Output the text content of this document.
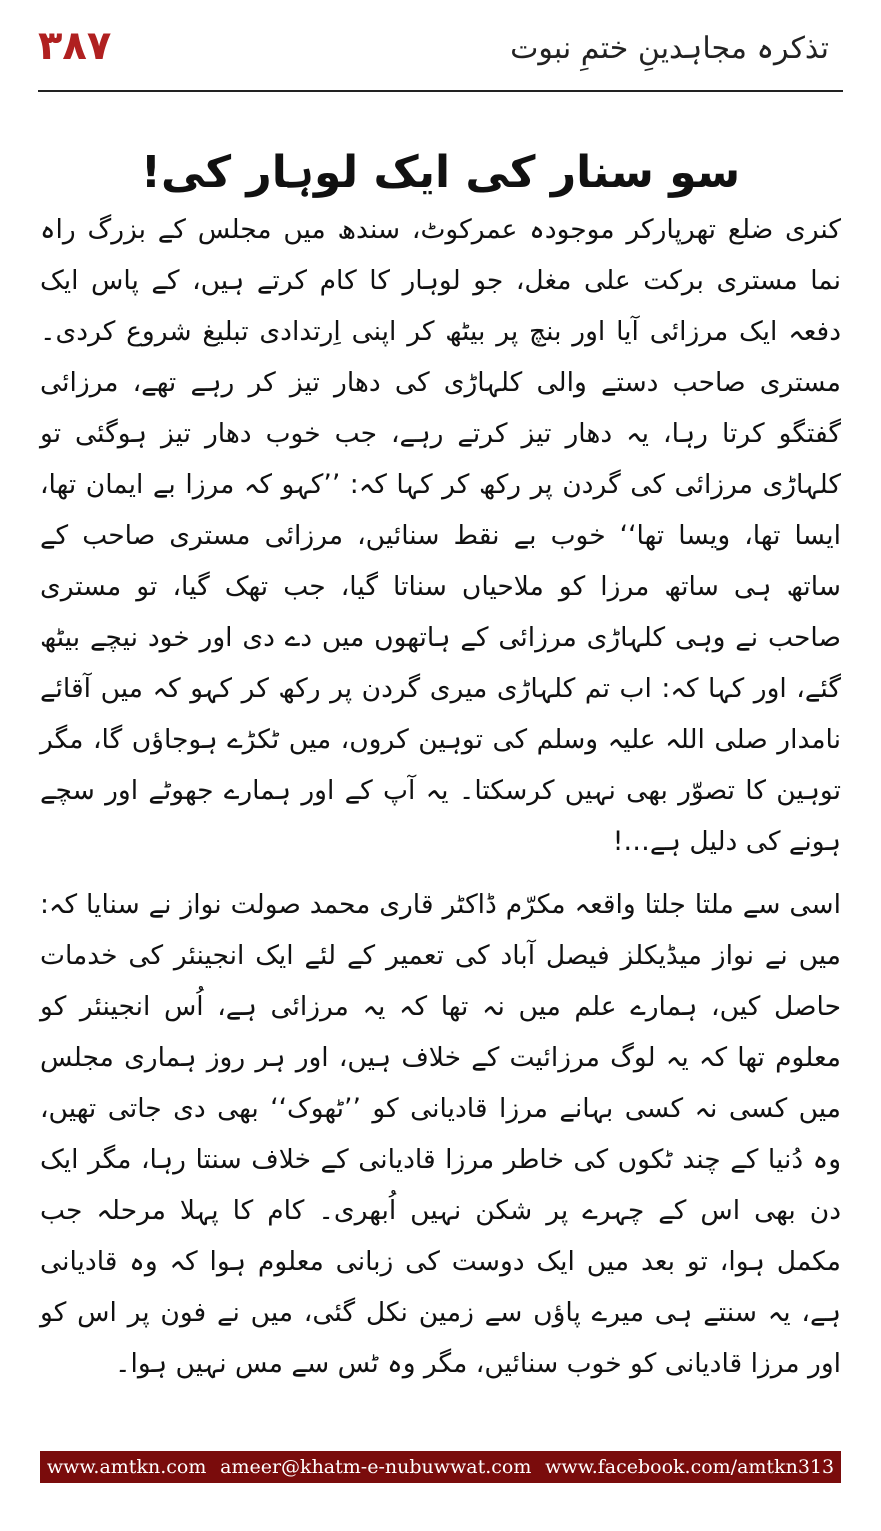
۳۸۷	تذکرہ مجاہدینِ ختمِ نبوت
سو سنار کی ایک لوہار کی!

کنری ضلع تھرپارکر موجودہ عمرکوٹ، سندھ میں مجلس کے بزرگ راہ نما مستری برکت علی مغل، جو لوہار کا کام کرتے ہیں، کے پاس ایک دفعہ ایک مرزائی آیا اور بنچ پر بیٹھ کر اپنی اِرتدادی تبلیغ شروع کردی۔ مستری صاحب دستے والی کلہاڑی کی دھار تیز کر رہے تھے، مرزائی گفتگو کرتا رہا، یہ دھار تیز کرتے رہے، جب خوب دھار تیز ہوگئی تو کلہاڑی مرزائی کی گردن پر رکھ کر کہا کہ: ’’کہو کہ مرزا بے ایمان تھا، ایسا تھا، ویسا تھا‘‘ خوب بے نقط سنائیں، مرزائی مستری صاحب کے ساتھ ہی ساتھ مرزا کو ملاحیاں سناتا گیا، جب تھک گیا، تو مستری صاحب نے وہی کلہاڑی مرزائی کے ہاتھوں میں دے دی اور خود نیچے بیٹھ گئے، اور کہا کہ: اب تم کلہاڑی میری گردن پر رکھ کر کہو کہ میں آقائے نامدار صلی اللہ علیہ وسلم کی توہین کروں، میں ٹکڑے ہوجاؤں گا، مگر توہین کا تصوّر بھی نہیں کرسکتا۔ یہ آپ کے اور ہمارے جھوٹے اور سچے ہونے کی دلیل ہے…!

اسی سے ملتا جلتا واقعہ مکرّم ڈاکٹر قاری محمد صولت نواز نے سنایا کہ: میں نے نواز میڈیکلز فیصل آباد کی تعمیر کے لئے ایک انجینئر کی خدمات حاصل کیں، ہمارے علم میں نہ تھا کہ یہ مرزائی ہے، اُس انجینئر کو معلوم تھا کہ یہ لوگ مرزائیت کے خلاف ہیں، اور ہر روز ہماری مجلس میں کسی نہ کسی بہانے مرزا قادیانی کو ’’ٹھوک‘‘ بھی دی جاتی تھیں، وہ دُنیا کے چند ٹکوں کی خاطر مرزا قادیانی کے خلاف سنتا رہا، مگر ایک دن بھی اس کے چہرے پر شکن نہیں اُبھری۔ کام کا پہلا مرحلہ جب مکمل ہوا، تو بعد میں ایک دوست کی زبانی معلوم ہوا کہ وہ قادیانی ہے، یہ سنتے ہی میرے پاؤں سے زمین نکل گئی، میں نے فون پر اس کو اور مرزا قادیانی کو خوب سنائیں، مگر وہ ٹس سے مس نہیں ہوا۔

www.amtkn.com ameer@khatm-e-nubuwwat.com www.facebook.com/amtkn313
